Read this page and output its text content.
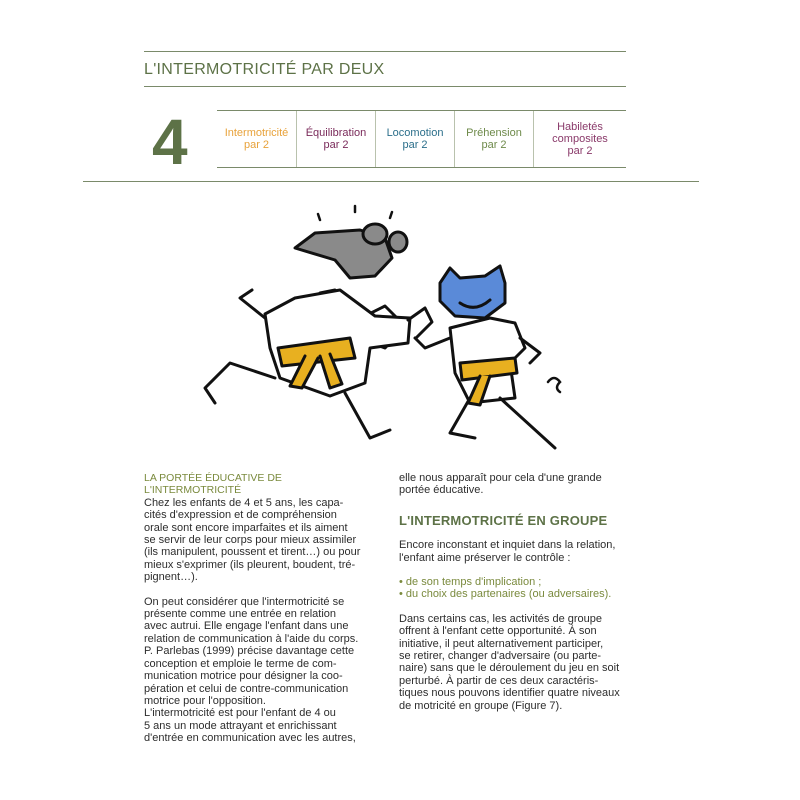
L'INTERMOTRICITÉ PAR DEUX
4	Intermotricité
par 2
Équilibration
par 2
Locomotion
par 2
Préhension
par 2
Habiletés
composites
par 2

LA PORTÉE ÉDUCATIVE DE L'INTERMOTRICITÉ

Chez les enfants de 4 et 5 ans, les capa-
cités d'expression et de compréhension
orale sont encore imparfaites et ils aiment
se servir de leur corps pour mieux assimiler
(ils manipulent, poussent et tirent…) ou pour
mieux s'exprimer (ils pleurent, boudent, tré-
pignent…).

On peut considérer que l'intermotricité se
présente comme une entrée en relation
avec autrui. Elle engage l'enfant dans une
relation de communication à l'aide du corps.
P. Parlebas (1999) précise davantage cette
conception et emploie le terme de com-
munication motrice pour désigner la coo-
pération et celui de contre-communication
motrice pour l'opposition.
L'intermotricité est pour l'enfant de 4 ou
5 ans un mode attrayant et enrichissant
d'entrée en communication avec les autres,

elle nous apparaît pour cela d'une grande
portée éducative.

L'INTERMOTRICITÉ EN GROUPE

Encore inconstant et inquiet dans la relation,
l'enfant aime préserver le contrôle :

• de son temps d'implication ;
• du choix des partenaires (ou adversaires).

Dans certains cas, les activités de groupe
offrent à l'enfant cette opportunité. À son
initiative, il peut alternativement participer,
se retirer, changer d'adversaire (ou parte-
naire) sans que le déroulement du jeu en soit
perturbé. À partir de ces deux caractéris-
tiques nous pouvons identifier quatre niveaux
de motricité en groupe (Figure 7).
